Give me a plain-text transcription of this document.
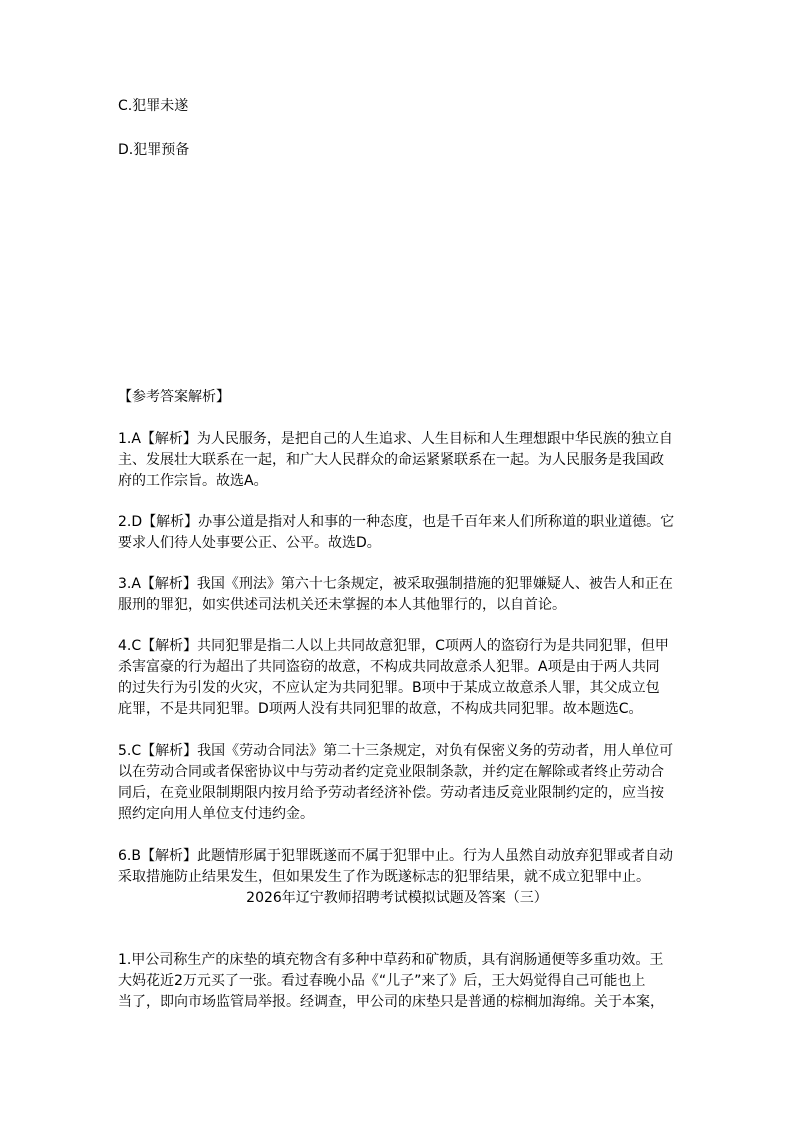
C.犯罪未遂
D.犯罪预备
【参考答案解析】
1.A【解析】为人民服务，是把自己的人生追求、人生目标和人生理想跟中华民族的独立自
主、发展壮大联系在一起，和广大人民群众的命运紧紧联系在一起。为人民服务是我国政
府的工作宗旨。故选A。
2.D【解析】办事公道是指对人和事的一种态度，也是千百年来人们所称道的职业道德。它
要求人们待人处事要公正、公平。故选D。
3.A【解析】我国《刑法》第六十七条规定，被采取强制措施的犯罪嫌疑人、被告人和正在
服刑的罪犯，如实供述司法机关还未掌握的本人其他罪行的，以自首论。
4.C【解析】共同犯罪是指二人以上共同故意犯罪，C项两人的盗窃行为是共同犯罪，但甲
杀害富豪的行为超出了共同盗窃的故意，不构成共同故意杀人犯罪。A项是由于两人共同
的过失行为引发的火灾，不应认定为共同犯罪。B项中于某成立故意杀人罪，其父成立包
庇罪，不是共同犯罪。D项两人没有共同犯罪的故意，不构成共同犯罪。故本题选C。
5.C【解析】我国《劳动合同法》第二十三条规定，对负有保密义务的劳动者，用人单位可
以在劳动合同或者保密协议中与劳动者约定竞业限制条款，并约定在解除或者终止劳动合
同后，在竞业限制期限内按月给予劳动者经济补偿。劳动者违反竞业限制约定的，应当按
照约定向用人单位支付违约金。
6.B【解析】此题情形属于犯罪既遂而不属于犯罪中止。行为人虽然自动放弃犯罪或者自动
采取措施防止结果发生，但如果发生了作为既遂标志的犯罪结果，就不成立犯罪中止。
2026年辽宁教师招聘考试模拟试题及答案（三）
1.甲公司称生产的床垫的填充物含有多种中草药和矿物质，具有润肠通便等多重功效。王
大妈花近2万元买了一张。看过春晚小品《“儿子”来了》后，王大妈觉得自己可能也上
当了，即向市场监管局举报。经调查，甲公司的床垫只是普通的棕榈加海绵。关于本案，
